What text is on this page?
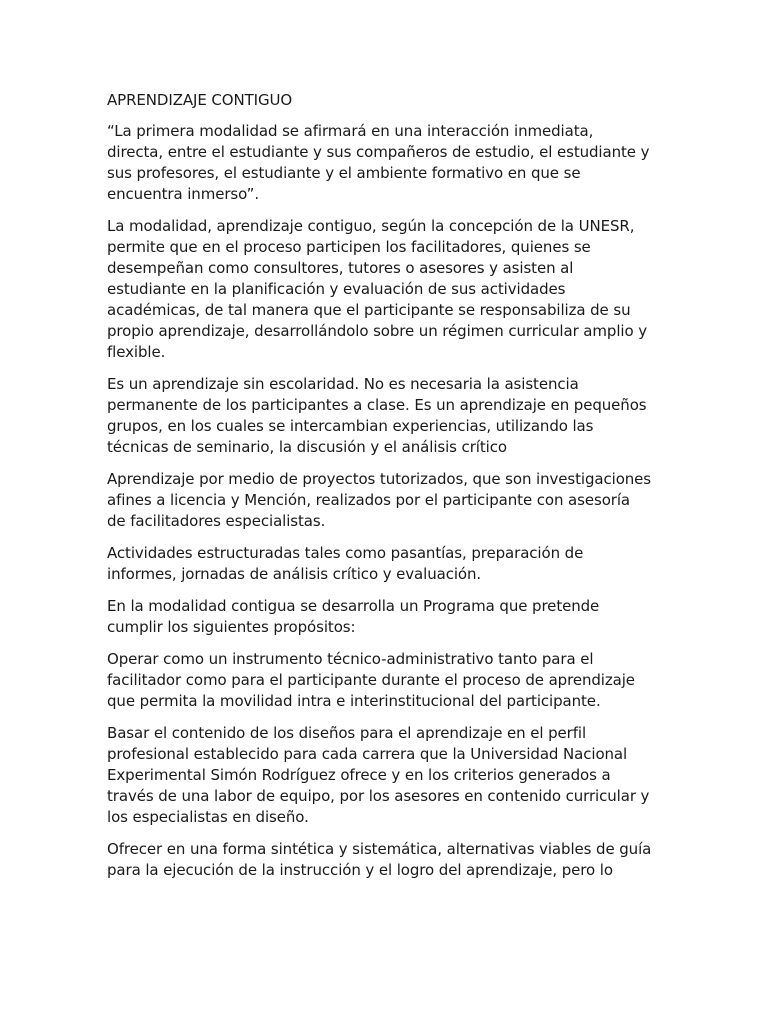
APRENDIZAJE CONTIGUO

“La primera modalidad se afirmará en una interacción inmediata,
directa, entre el estudiante y sus compañeros de estudio, el estudiante y
sus profesores, el estudiante y el ambiente formativo en que se
encuentra inmerso”.

La modalidad, aprendizaje contiguo, según la concepción de la UNESR,
permite que en el proceso participen los facilitadores, quienes se
desempeñan como consultores, tutores o asesores y asisten al
estudiante en la planificación y evaluación de sus actividades
académicas, de tal manera que el participante se responsabiliza de su
propio aprendizaje, desarrollándolo sobre un régimen curricular amplio y
flexible.

Es un aprendizaje sin escolaridad. No es necesaria la asistencia
permanente de los participantes a clase. Es un aprendizaje en pequeños
grupos, en los cuales se intercambian experiencias, utilizando las
técnicas de seminario, la discusión y el análisis crítico

Aprendizaje por medio de proyectos tutorizados, que son investigaciones
afines a licencia y Mención, realizados por el participante con asesoría
de facilitadores especialistas.

Actividades estructuradas tales como pasantías, preparación de
informes, jornadas de análisis crítico y evaluación.

En la modalidad contigua se desarrolla un Programa que pretende
cumplir los siguientes propósitos:

Operar como un instrumento técnico-administrativo tanto para el
facilitador como para el participante durante el proceso de aprendizaje
que permita la movilidad intra e interinstitucional del participante.

Basar el contenido de los diseños para el aprendizaje en el perfil
profesional establecido para cada carrera que la Universidad Nacional
Experimental Simón Rodríguez ofrece y en los criterios generados a
través de una labor de equipo, por los asesores en contenido curricular y
los especialistas en diseño.

Ofrecer en una forma sintética y sistemática, alternativas viables de guía
para la ejecución de la instrucción y el logro del aprendizaje, pero lo
